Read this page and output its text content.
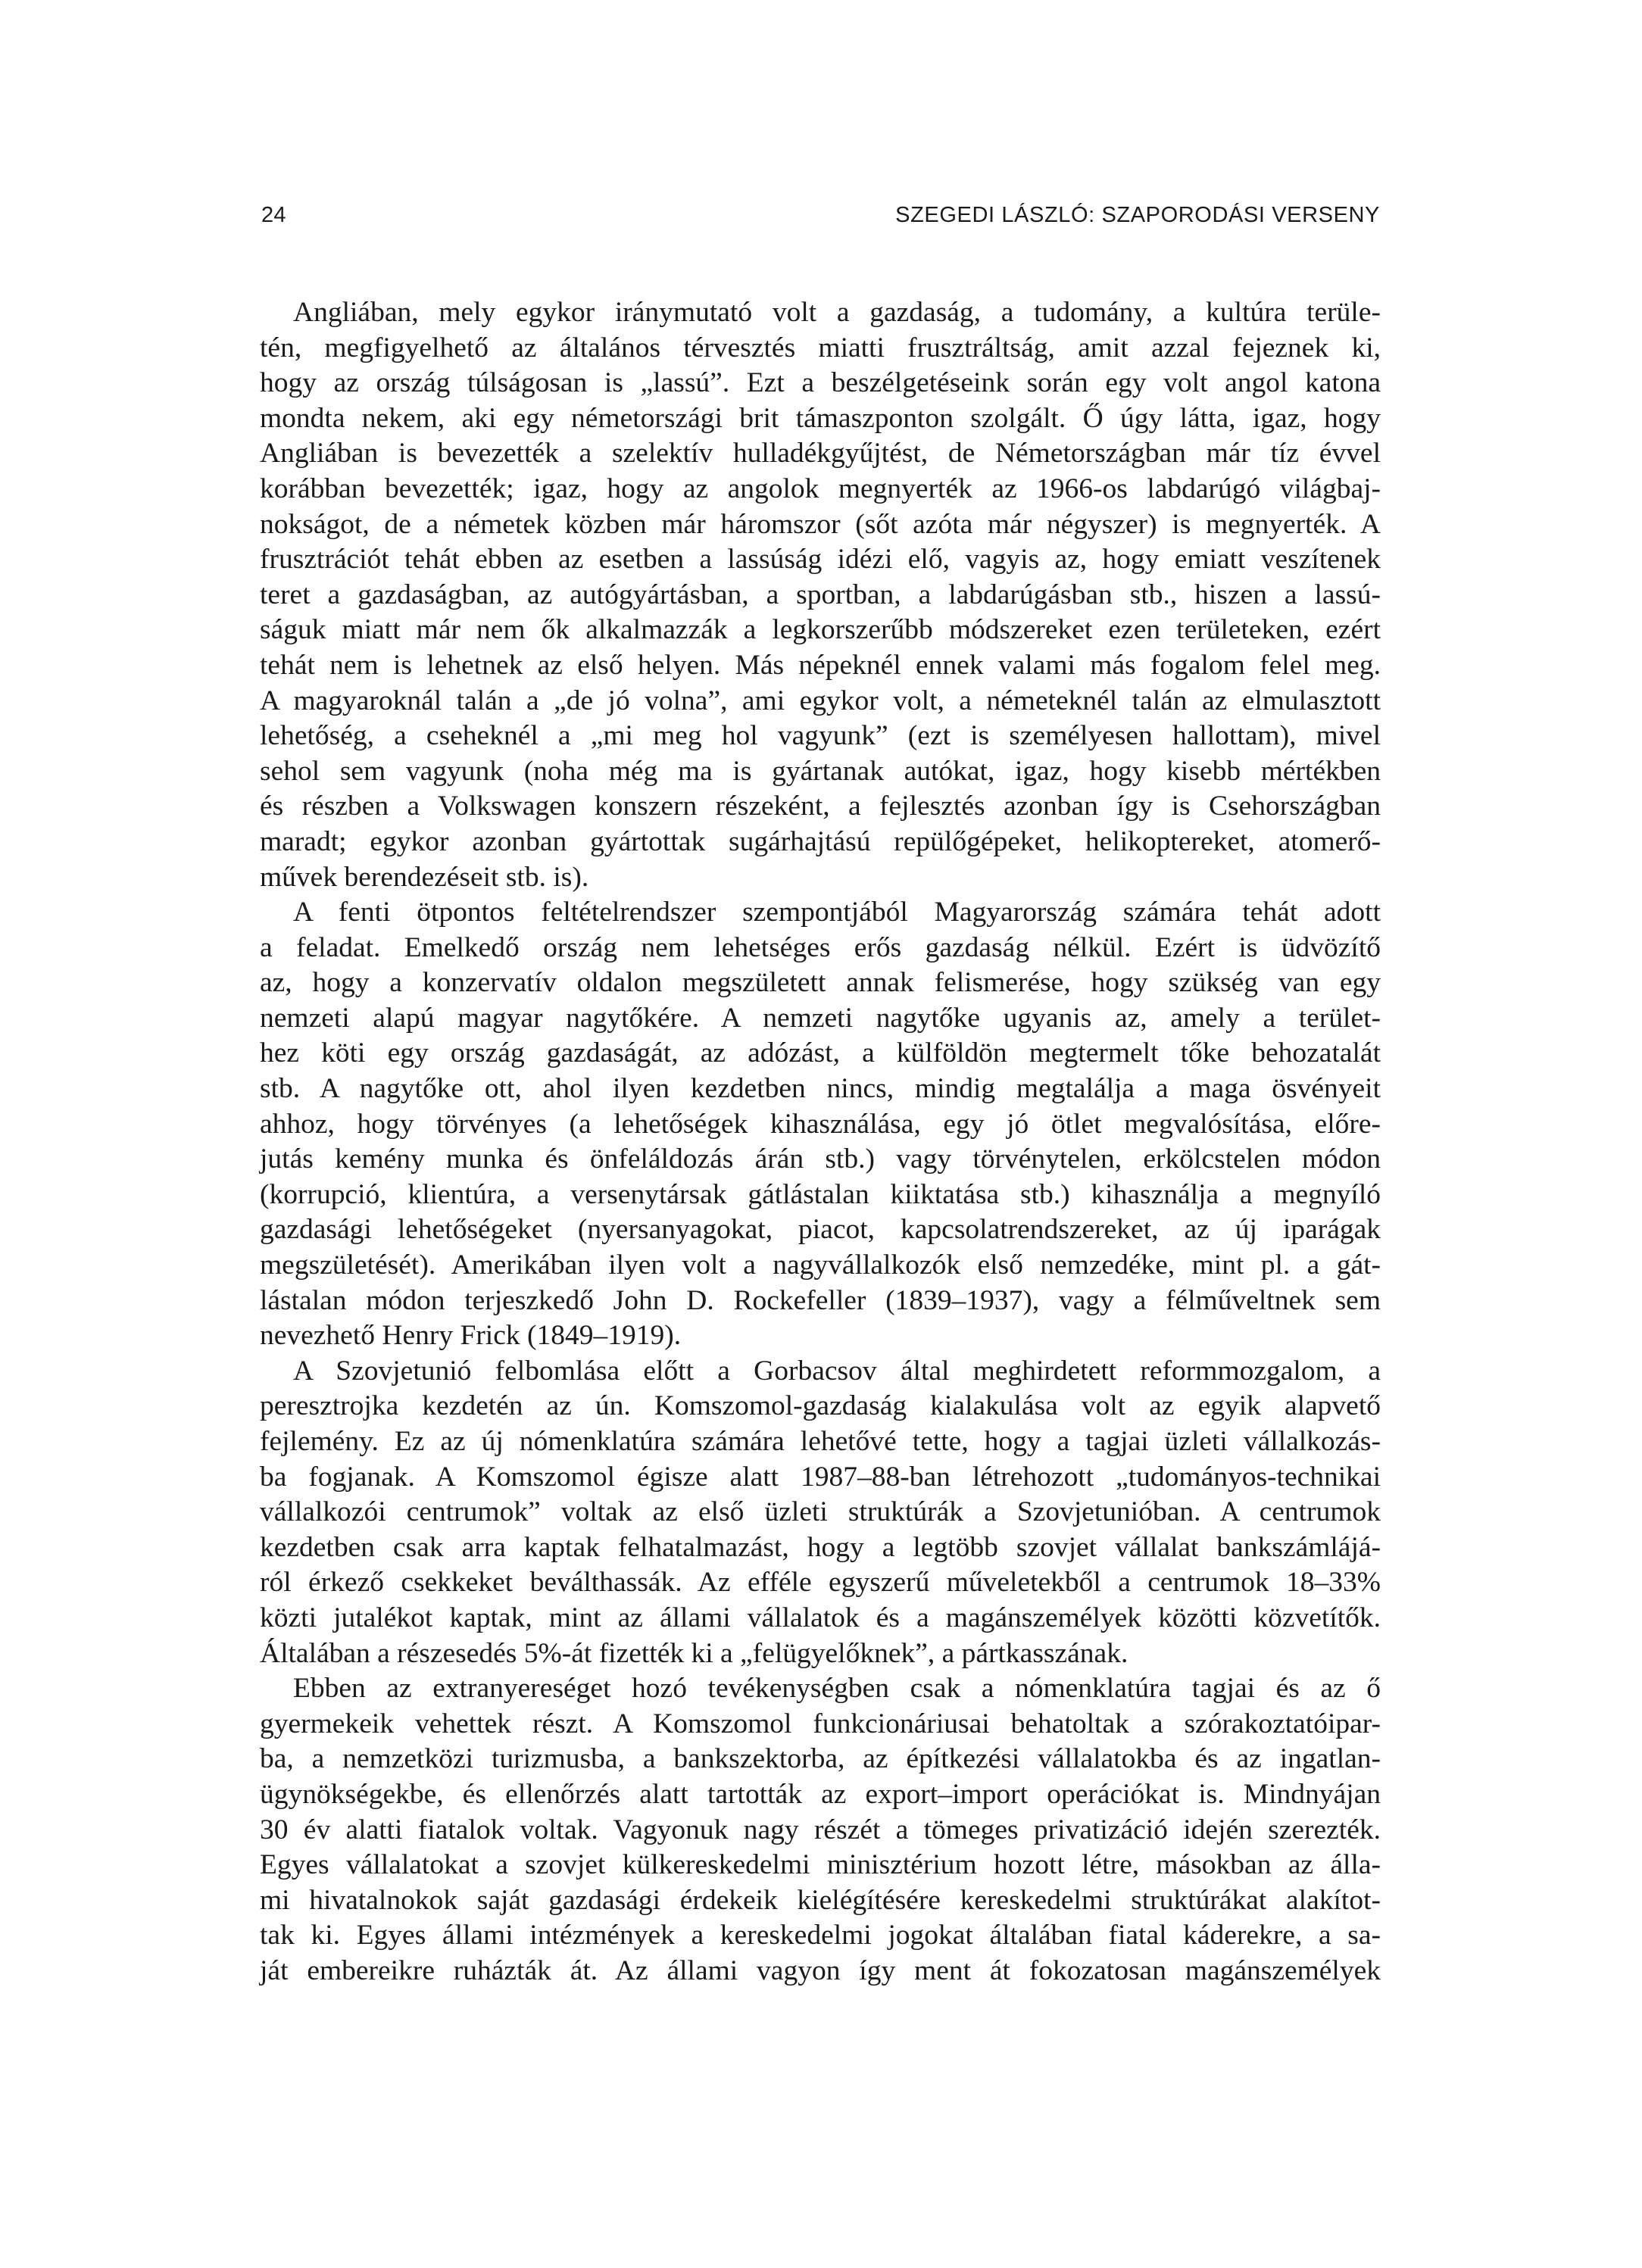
24	SZEGEDI LÁSZLÓ: SZAPORODÁSI VERSENY
Angliában, mely egykor iránymutató volt a gazdaság, a tudomány, a kultúra terüle-
tén, megfigyelhető az általános térvesztés miatti frusztráltság, amit azzal fejeznek ki,
hogy az ország túlságosan is „lassú”. Ezt a beszélgetéseink során egy volt angol katona
mondta nekem, aki egy németországi brit támaszponton szolgált. Ő úgy látta, igaz, hogy
Angliában is bevezették a szelektív hulladékgyűjtést, de Németországban már tíz évvel
korábban bevezették; igaz, hogy az angolok megnyerték az 1966-os labdarúgó világbaj-
nokságot, de a németek közben már háromszor (sőt azóta már négyszer) is megnyerték. A
frusztrációt tehát ebben az esetben a lassúság idézi elő, vagyis az, hogy emiatt veszítenek
teret a gazdaságban, az autógyártásban, a sportban, a labdarúgásban stb., hiszen a lassú-
ságuk miatt már nem ők alkalmazzák a legkorszerűbb módszereket ezen területeken, ezért
tehát nem is lehetnek az első helyen. Más népeknél ennek valami más fogalom felel meg.
A magyaroknál talán a „de jó volna”, ami egykor volt, a németeknél talán az elmulasztott
lehetőség, a cseheknél a „mi meg hol vagyunk” (ezt is személyesen hallottam), mivel
sehol sem vagyunk (noha még ma is gyártanak autókat, igaz, hogy kisebb mértékben
és részben a Volkswagen konszern részeként, a fejlesztés azonban így is Csehországban
maradt; egykor azonban gyártottak sugárhajtású repülőgépeket, helikoptereket, atomerő-
művek berendezéseit stb. is).
A fenti ötpontos feltételrendszer szempontjából Magyarország számára tehát adott
a feladat. Emelkedő ország nem lehetséges erős gazdaság nélkül. Ezért is üdvözítő
az, hogy a konzervatív oldalon megszületett annak felismerése, hogy szükség van egy
nemzeti alapú magyar nagytőkére. A nemzeti nagytőke ugyanis az, amely a terület-
hez köti egy ország gazdaságát, az adózást, a külföldön megtermelt tőke behozatalát
stb. A nagytőke ott, ahol ilyen kezdetben nincs, mindig megtalálja a maga ösvényeit
ahhoz, hogy törvényes (a lehetőségek kihasználása, egy jó ötlet megvalósítása, előre-
jutás kemény munka és önfeláldozás árán stb.) vagy törvénytelen, erkölcstelen módon
(korrupció, klientúra, a versenytársak gátlástalan kiiktatása stb.) kihasználja a megnyíló
gazdasági lehetőségeket (nyersanyagokat, piacot, kapcsolatrendszereket, az új iparágak
megszületését). Amerikában ilyen volt a nagyvállalkozók első nemzedéke, mint pl. a gát-
lástalan módon terjeszkedő John D. Rockefeller (1839–1937), vagy a félműveltnek sem
nevezhető Henry Frick (1849–1919).
A Szovjetunió felbomlása előtt a Gorbacsov által meghirdetett reformmozgalom, a
peresztrojka kezdetén az ún. Komszomol-gazdaság kialakulása volt az egyik alapvető
fejlemény. Ez az új nómenklatúra számára lehetővé tette, hogy a tagjai üzleti vállalkozás-
ba fogjanak. A Komszomol égisze alatt 1987–88-ban létrehozott „tudományos-technikai
vállalkozói centrumok” voltak az első üzleti struktúrák a Szovjetunióban. A centrumok
kezdetben csak arra kaptak felhatalmazást, hogy a legtöbb szovjet vállalat bankszámlájá-
ról érkező csekkeket beválthassák. Az efféle egyszerű műveletekből a centrumok 18–33%
közti jutalékot kaptak, mint az állami vállalatok és a magánszemélyek közötti közvetítők.
Általában a részesedés 5%-át fizették ki a „felügyelőknek”, a pártkasszának.
Ebben az extranyereséget hozó tevékenységben csak a nómenklatúra tagjai és az ő
gyermekeik vehettek részt. A Komszomol funkcionáriusai behatoltak a szórakoztatóipar-
ba, a nemzetközi turizmusba, a bankszektorba, az építkezési vállalatokba és az ingatlan-
ügynökségekbe, és ellenőrzés alatt tartották az export–import operációkat is. Mindnyájan
30 év alatti fiatalok voltak. Vagyonuk nagy részét a tömeges privatizáció idején szerezték.
Egyes vállalatokat a szovjet külkereskedelmi minisztérium hozott létre, másokban az álla-
mi hivatalnokok saját gazdasági érdekeik kielégítésére kereskedelmi struktúrákat alakítot-
tak ki. Egyes állami intézmények a kereskedelmi jogokat általában fiatal káderekre, a sa-
ját embereikre ruházták át. Az állami vagyon így ment át fokozatosan magánszemélyek
